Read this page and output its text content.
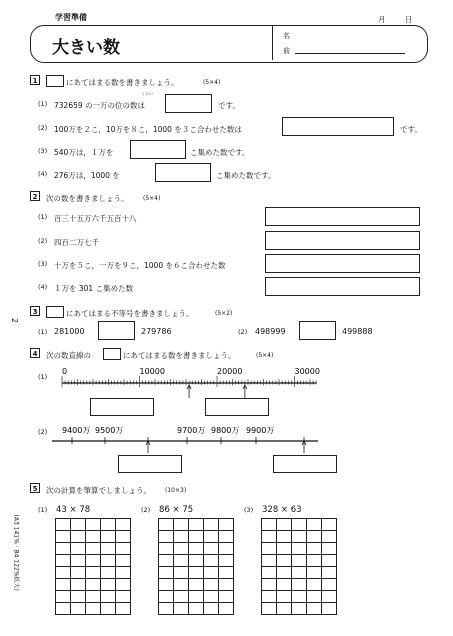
学習準備	月	日
大きい数
名
前
2
(A3 141% · B4 122%拡大)
1	にあてはまる数を書きましょう。	(5×4)
(1)
くらい
732659 の一万の位の数は	です。
(2) 100万を２こ，10万を８こ，1000 を３こ合わせた数は	です。
(3) 540万は，１万を	こ集めた数です。
(4) 276万は，1000 を	こ集めた数です。
2	次の数を書きましょう。 (5×4)
(1) 百三十五万六千五百十八
(2) 四百二万七千
(3) 十万を５こ，一万を９こ，1000 を６こ合わせた数
(4) １万を 301 こ集めた数
3	にあてはまる不等号を書きましょう。	(5×2)
(1) 281000	279786	(2) 498999	499888
4	次の数直線の	にあてはまる数を書きましょう。	(5×4)
(1)
0	10000	20000	30000
9400万 9500万	9700万 9800万 9900万
(2)
5	次の計算を筆算でしましょう。 (10×3)
(1) 43 × 78	(2) 86 × 75	(3) 328 × 63
